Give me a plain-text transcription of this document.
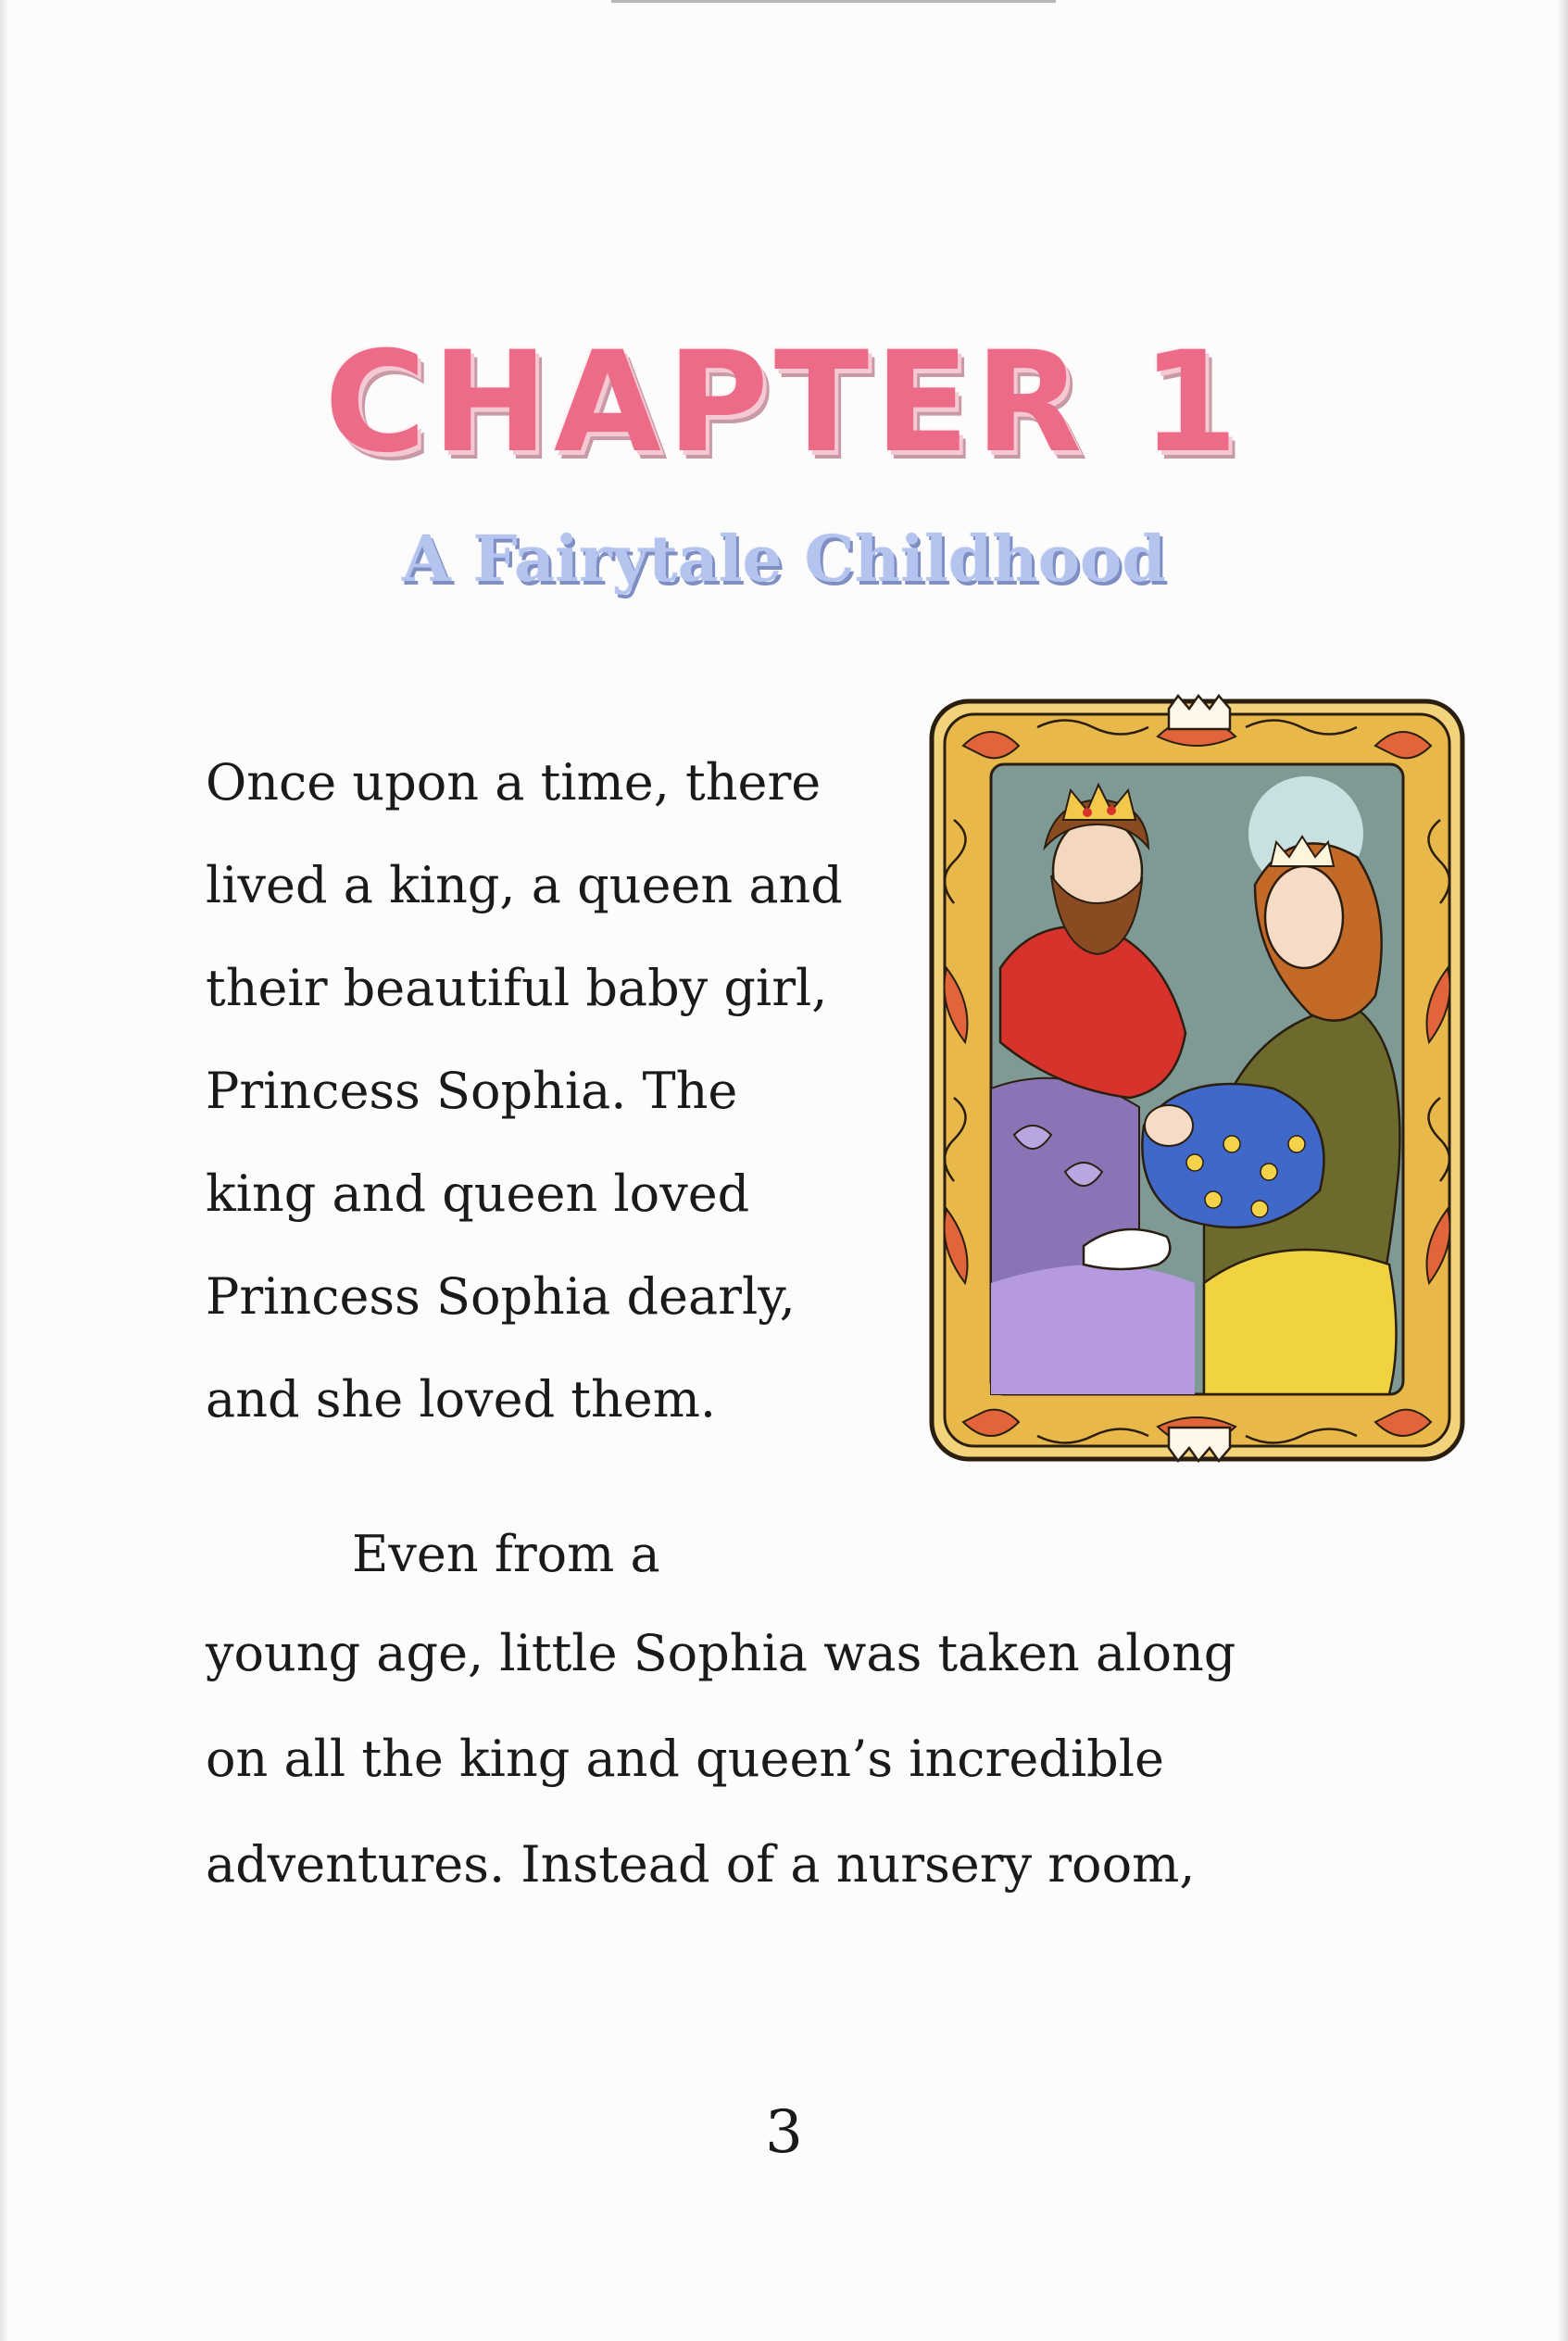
CHAPTER 1
A Fairytale Childhood

Once upon a time, there
lived a king, a queen and
their beautiful baby girl,
Princess Sophia. The
king and queen loved
Princess Sophia dearly,
and she loved them.

Even from a

young age, little Sophia was taken along
on all the king and queen’s incredible
adventures. Instead of a nursery room,

3
